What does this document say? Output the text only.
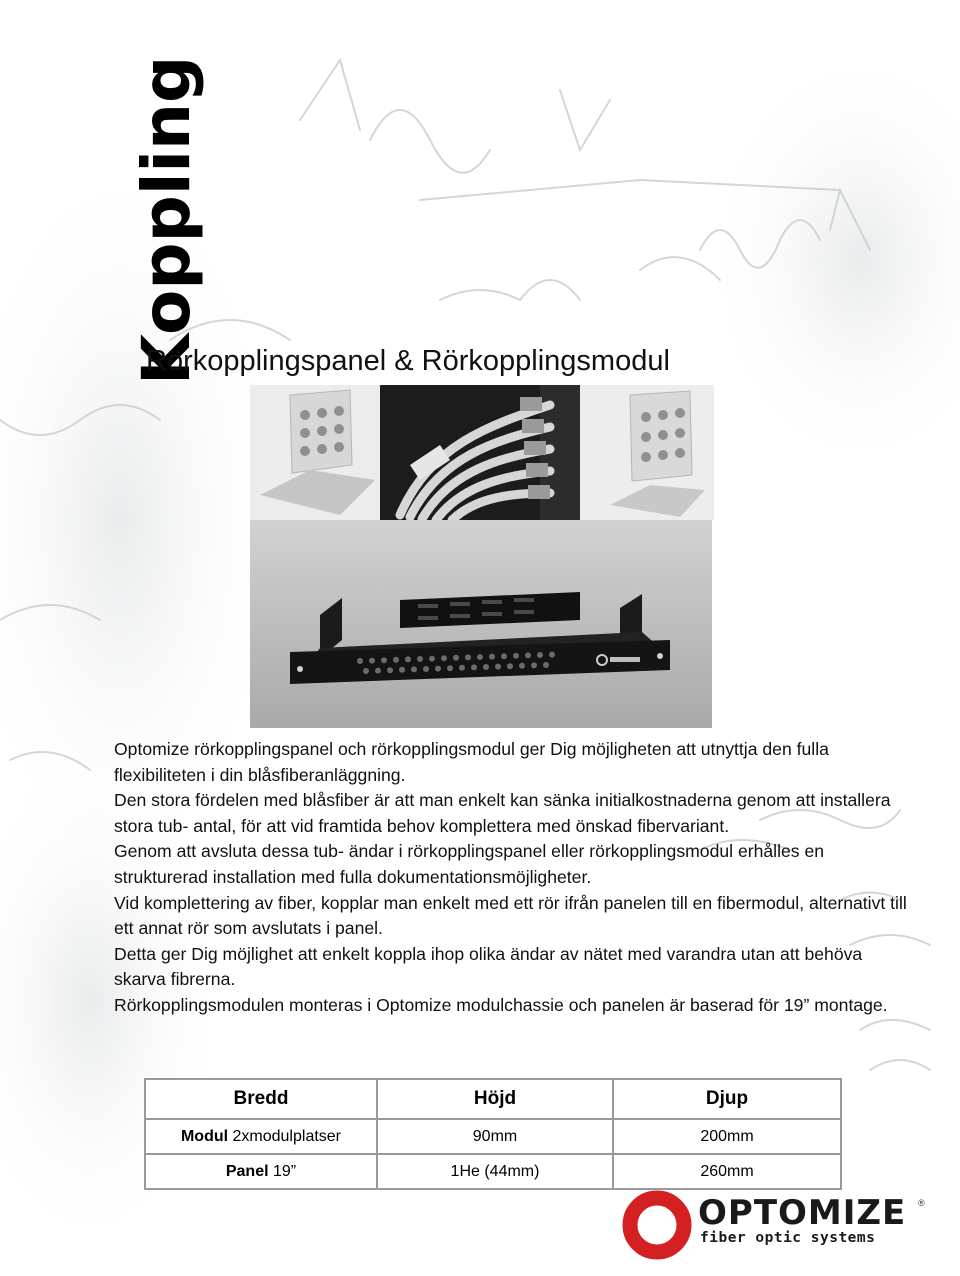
Koppling
Rörkopplingspanel & Rörkopplingsmodul

Optomize rörkopplingspanel och rörkopplingsmodul ger Dig möjligheten att utnyttja den fulla flexibiliteten i din blåsfiberanläggning.

Den stora fördelen med blåsfiber är att man enkelt kan sänka initialkostnaderna genom att installera stora tub- antal, för att vid framtida behov komplettera med önskad fibervariant.

Genom att avsluta dessa tub- ändar i rörkopplingspanel eller rörkopplingsmodul erhålles en strukturerad installation med fulla dokumentationsmöjligheter.

Vid komplettering av fiber, kopplar man enkelt med ett rör ifrån panelen till en fibermodul, alternativt till ett annat rör som avslutats i panel.

Detta ger Dig möjlighet att enkelt koppla ihop olika ändar av nätet med varandra utan att behöva skarva fibrerna.

Rörkopplingsmodulen monteras i Optomize modulchassie och panelen är baserad för 19” montage.

Bredd	Höjd	Djup
Modul 2xmodulplatser	90mm	200mm
Panel 19”	1He (44mm)	260mm
OPTOMIZE ®
fiber optic systems
